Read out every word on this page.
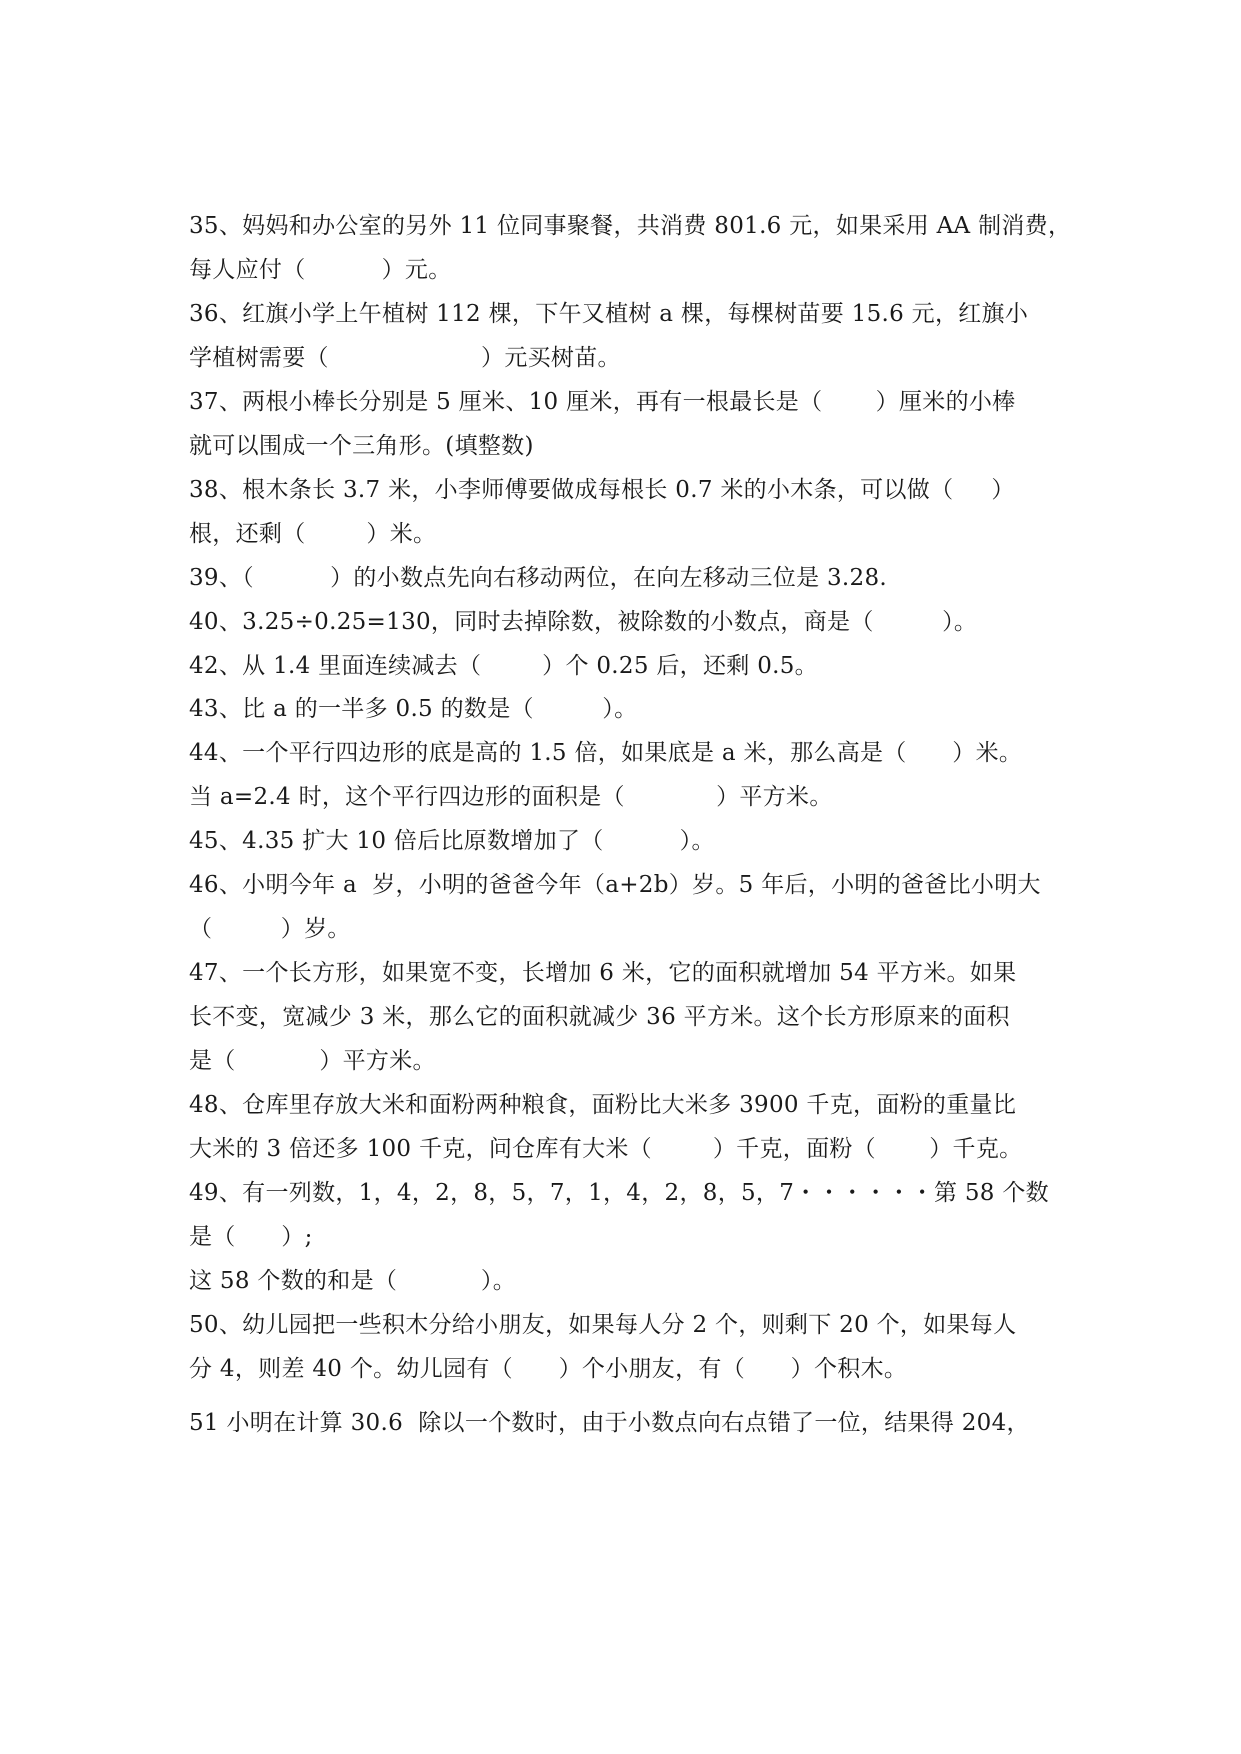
35、妈妈和办公室的另外 11 位同事聚餐，共消费 801.6 元，如果采用 AA 制消费，
每人应付（          ）元。
36、红旗小学上午植树 112 棵，下午又植树 a 棵，每棵树苗要 15.6 元，红旗小
学植树需要（                    ）元买树苗。
37、两根小棒长分别是 5 厘米、10 厘米，再有一根最长是（       ）厘米的小棒
就可以围成一个三角形。(填整数)
38、根木条长 3.7 米，小李师傅要做成每根长 0.7 米的小木条，可以做（     ）
根，还剩（        ）米。
39、（          ）的小数点先向右移动两位，在向左移动三位是 3.28.
40、3.25÷0.25=130，同时去掉除数，被除数的小数点，商是（         ）。
42、从 1.4 里面连续减去（        ）个 0.25 后，还剩 0.5。
43、比 a 的一半多 0.5 的数是（         ）。
44、一个平行四边形的底是高的 1.5 倍，如果底是 a 米，那么高是（      ）米。
当 a=2.4 时，这个平行四边形的面积是（            ）平方米。
45、4.35 扩大 10 倍后比原数增加了（          ）。
46、小明今年 a  岁，小明的爸爸今年（a+2b）岁。5 年后，小明的爸爸比小明大
（         ）岁。
47、一个长方形，如果宽不变，长增加 6 米，它的面积就增加 54 平方米。如果
长不变，宽减少 3 米，那么它的面积就减少 36 平方米。这个长方形原来的面积
是（           ）平方米。
48、仓库里存放大米和面粉两种粮食，面粉比大米多 3900 千克，面粉的重量比
大米的 3 倍还多 100 千克，问仓库有大米（        ）千克，面粉（       ）千克。
49、有一列数，1，4，2，8，5，7，1，4，2，8，5，7・・・・・・第 58 个数
是（      ）;
这 58 个数的和是（           ）。
50、幼儿园把一些积木分给小朋友，如果每人分 2 个，则剩下 20 个，如果每人
分 4，则差 40 个。幼儿园有（      ）个小朋友，有（      ）个积木。
51 小明在计算 30.6  除以一个数时，由于小数点向右点错了一位，结果得 204，
